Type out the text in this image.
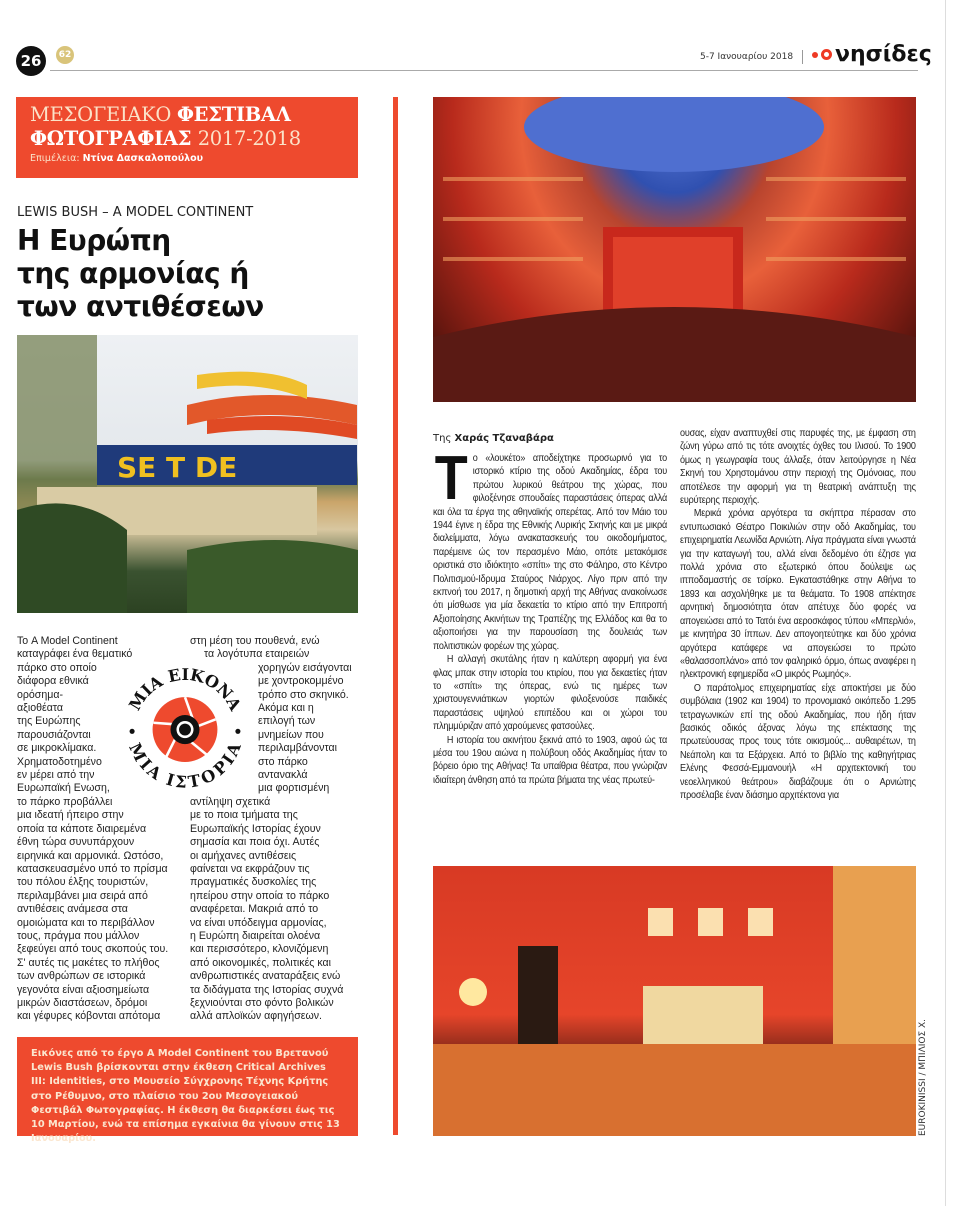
26	62	5-7 Ιανουαρίου 2018 νησίδες
ΜΕΣΟΓΕΙΑΚΟ ΦΕΣΤΙΒΑΛ
ΦΩΤΟΓΡΑΦΙΑΣ 2017-2018
Επιμέλεια: Ντίνα Δασκαλοπούλου
LEWIS BUSH – A MODEL CONTINENT
Η Ευρώπη
της αρμονίας ή
των αντιθέσεων
SE T DE
ΜΙΑ ΕΙΚΟΝΑ
ΜΙΑ ΙΣΤΟΡΙΑ
Το A Model Continent
καταγράφει ένα θεματικό
πάρκο στο οποίο
διάφορα εθνικά
ορόσημα-
αξιοθέατα
της Ευρώπης
παρουσιάζονται
σε μικροκλίμακα.
Χρηματοδοτημένο
εν μέρει από την
Ευρωπαϊκή Ενωση,
το πάρκο προβάλλει
μια ιδεατή ήπειρο στην
οποία τα κάποτε διαιρεμένα
έθνη τώρα συνυπάρχουν
ειρηνικά και αρμονικά. Ωστόσο,
κατασκευασμένο υπό το πρίσμα
του πόλου έλξης τουριστών,
περιλαμβάνει μια σειρά από
αντιθέσεις ανάμεσα στα
ομοιώματα και το περιβάλλον
τους, πράγμα που μάλλον
ξεφεύγει από τους σκοπούς του.
Σ' αυτές τις μακέτες το πλήθος
των ανθρώπων σε ιστορικά
γεγονότα είναι αξιοσημείωτα
μικρών διαστάσεων, δρόμοι
και γέφυρες κόβονται απότομα
στη μέση του πουθενά, ενώ
τα λογότυπα εταιρειών
χορηγών εισάγονται
με χοντροκομμένο
τρόπο στο σκηνικό.
Ακόμα και η
επιλογή των
μνημείων που
περιλαμβάνονται
στο πάρκο
αντανακλά
μια φορτισμένη
αντίληψη σχετικά
με το ποια τμήματα της
Ευρωπαϊκής Ιστορίας έχουν
σημασία και ποια όχι. Αυτές
οι αμήχανες αντιθέσεις
φαίνεται να εκφράζουν τις
πραγματικές δυσκολίες της
ηπείρου στην οποία το πάρκο
αναφέρεται. Μακριά από το
να είναι υπόδειγμα αρμονίας,
η Ευρώπη διαιρείται ολοένα
και περισσότερο, κλονιζόμενη
από οικονομικές, πολιτικές και
ανθρωπιστικές αναταράξεις ενώ
τα διδάγματα της Ιστορίας συχνά
ξεχνιούνται στο φόντο βολικών
αλλά απλοϊκών αφηγήσεων.
Εικόνες από το έργο A Model Continent του Βρετανού Lewis Bush βρίσκονται στην έκθεση Critical Archives III: Identities, στο Μουσείο Σύγχρονης Τέχνης Κρήτης στο Ρέθυμνο, στο πλαίσιο του 2ου Μεσογειακού Φεστιβάλ Φωτογραφίας. Η έκθεση θα διαρκέσει έως τις 10 Μαρτίου, ενώ τα επίσημα εγκαίνια θα γίνουν στις 13 Ιανουαρίου.
Της Χαράς Τζαναβάρα

Το «λουκέτο» αποδείχτηκε προσωρινό για το ιστορικό κτίριο της οδού Ακαδημίας, έδρα του πρώτου λυρικού θεάτρου της χώρας, που φιλοξένησε σπουδαίες παραστάσεις όπερας αλλά και όλα τα έργα της αθηναϊκής οπερέτας. Από τον Μάιο του 1944 έγινε η έδρα της Εθνικής Λυρικής Σκηνής και με μικρά διαλείμματα, λόγω ανακατασκευής του οικοδομήματος, παρέμεινε ώς τον περασμένο Μάιο, οπότε μετακόμισε οριστικά στο ιδιόκτητο «σπίτι» της στο Φάληρο, στο Κέντρο Πολιτισμού-Ιδρυμα Σταύρος Νιάρχος. Λίγο πριν από την εκπνοή του 2017, η δημοτική αρχή της Αθήνας ανακοίνωσε ότι μίσθωσε για μία δεκαετία το κτίριο από την Επιτροπή Αξιοποίησης Ακινήτων της Τραπέζης της Ελλάδος και θα το αξιοποιήσει για την παρουσίαση της δουλειάς των πολιτιστικών φορέων της χώρας.

Η αλλαγή σκυτάλης ήταν η καλύτερη αφορμή για ένα φλας μπακ στην ιστορία του κτιρίου, που για δεκαετίες ήταν το «σπίτι» της όπερας, ενώ τις ημέρες των χριστουγεννιάτικων γιορτών φιλοξενούσε παιδικές παραστάσεις υψηλού επιπέδου και οι χώροι του πλημμύριζαν από χαρούμενες φατσούλες.

Η ιστορία του ακινήτου ξεκινά από το 1903, αφού ώς τα μέσα του 19ου αιώνα η πολύβουη οδός Ακαδημίας ήταν το βόρειο όριο της Αθήνας! Τα υπαίθρια θέατρα, που γνώριζαν ιδιαίτερη άνθηση από τα πρώτα βήματα της νέας πρωτεύ-

ουσας, είχαν αναπτυχθεί στις παρυφές της, με έμφαση στη ζώνη γύρω από τις τότε ανοιχτές όχθες του Ιλισού. Το 1900 όμως η γεωγραφία τους άλλαξε, όταν λειτούργησε η Νέα Σκηνή του Χρηστομάνου στην περιοχή της Ομόνοιας, που αποτέλεσε την αφορμή για τη θεατρική ανάπτυξη της ευρύτερης περιοχής.

Μερικά χρόνια αργότερα τα σκήπτρα πέρασαν στο εντυπωσιακό Θέατρο Ποικιλιών στην οδό Ακαδημίας, του επιχειρηματία Λεωνίδα Αρνιώτη. Λίγα πράγματα είναι γνωστά για την καταγωγή του, αλλά είναι δεδομένο ότι έζησε για πολλά χρόνια στο εξωτερικό όπου δούλεψε ως ιπποδαμαστής σε τσίρκο. Εγκαταστάθηκε στην Αθήνα το 1893 και ασχολήθηκε με τα θεάματα. Το 1908 απέκτησε αρνητική δημοσιότητα όταν απέτυχε δύο φορές να απογειώσει από το Τατόι ένα αεροσκάφος τύπου «Μπερλιό», με κινητήρα 30 ίππων. Δεν απογοητεύτηκε και δύο χρόνια αργότερα κατάφερε να απογειώσει το πρώτο «θαλασσοπλάνο» από τον φαληρικό όρμο, όπως αναφέρει η ηλεκτρονική εφημερίδα «Ο μικρός Ρωμηός».

Ο παράτολμος επιχειρηματίας είχε αποκτήσει με δύο συμβόλαια (1902 και 1904) το προνομιακό οικόπεδο 1.295 τετραγωνικών επί της οδού Ακαδημίας, που ήδη ήταν βασικός οδικός άξονας λόγω της επέκτασης της πρωτεύουσας προς τους τότε οικισμούς... αυθαιρέτων, τη Νεάπολη και τα Εξάρχεια. Από το βιβλίο της καθηγήτριας Ελένης Φεσσά-Εμμανουήλ «Η αρχιτεκτονική του νεοελληνικού θεάτρου» διαβάζουμε ότι ο Αρνιώτης προσέλαβε έναν διάσημο αρχιτέκτονα για

EUROKINISSI / ΜΠΙΛΙΟΣ Χ.
